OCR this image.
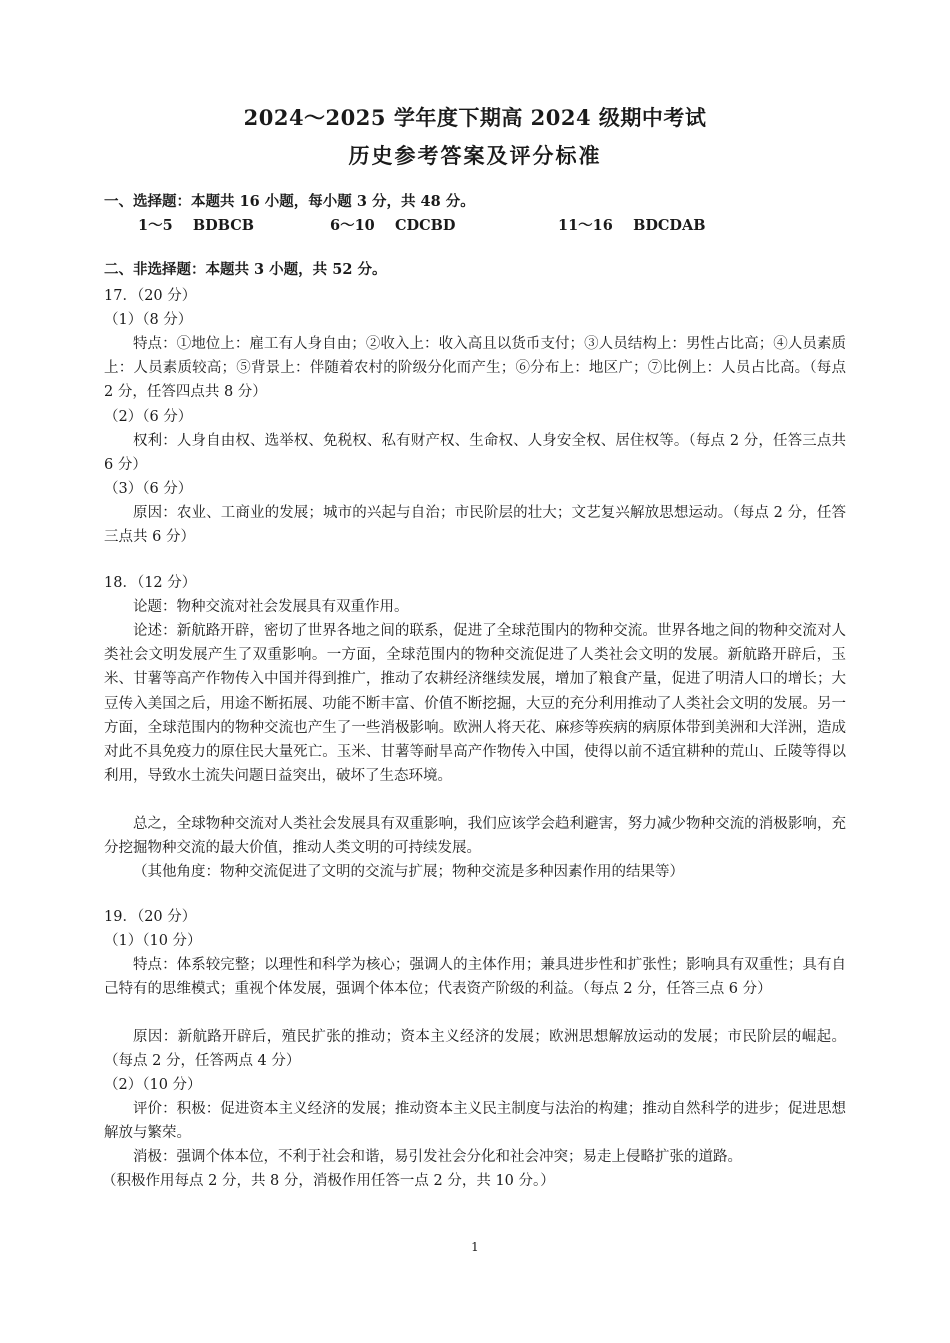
2024～2025 学年度下期高 2024 级期中考试
历史参考答案及评分标准
一、选择题：本题共 16 小题，每小题 3 分，共 48 分。
1～5 BDBCB	6～10 CDCBD	11～16 BDCDAB
二、非选择题：本题共 3 小题，共 52 分。
17．（20 分）
（1）（8 分）
特点：①地位上：雇工有人身自由；②收入上：收入高且以货币支付；③人员结构上：男性占比高；④人员素质上：人员素质较高；⑤背景上：伴随着农村的阶级分化而产生；⑥分布上：地区广；⑦比例上：人员占比高。（每点 2 分，任答四点共 8 分）
（2）（6 分）
权利：人身自由权、选举权、免税权、私有财产权、生命权、人身安全权、居住权等。（每点 2 分，任答三点共 6 分）
（3）（6 分）
原因：农业、工商业的发展；城市的兴起与自治；市民阶层的壮大；文艺复兴解放思想运动。（每点 2 分，任答三点共 6 分）
18．（12 分）
论题：物种交流对社会发展具有双重作用。
论述：新航路开辟，密切了世界各地之间的联系，促进了全球范围内的物种交流。世界各地之间的物种交流对人类社会文明发展产生了双重影响。一方面，全球范围内的物种交流促进了人类社会文明的发展。新航路开辟后，玉米、甘薯等高产作物传入中国并得到推广，推动了农耕经济继续发展，增加了粮食产量，促进了明清人口的增长；大豆传入美国之后，用途不断拓展、功能不断丰富、价值不断挖掘，大豆的充分利用推动了人类社会文明的发展。另一方面，全球范围内的物种交流也产生了一些消极影响。欧洲人将天花、麻疹等疾病的病原体带到美洲和大洋洲，造成对此不具免疫力的原住民大量死亡。玉米、甘薯等耐旱高产作物传入中国，使得以前不适宜耕种的荒山、丘陵等得以利用，导致水土流失问题日益突出，破坏了生态环境。
总之，全球物种交流对人类社会发展具有双重影响，我们应该学会趋利避害，努力减少物种交流的消极影响，充分挖掘物种交流的最大价值，推动人类文明的可持续发展。
（其他角度：物种交流促进了文明的交流与扩展；物种交流是多种因素作用的结果等）
19．（20 分）
（1）（10 分）
特点：体系较完整；以理性和科学为核心；强调人的主体作用；兼具进步性和扩张性；影响具有双重性；具有自己特有的思维模式；重视个体发展，强调个体本位；代表资产阶级的利益。（每点 2 分，任答三点 6 分）
原因：新航路开辟后，殖民扩张的推动；资本主义经济的发展；欧洲思想解放运动的发展；市民阶层的崛起。（每点 2 分，任答两点 4 分）
（2）（10 分）
评价：积极：促进资本主义经济的发展；推动资本主义民主制度与法治的构建；推动自然科学的进步；促进思想解放与繁荣。
消极：强调个体本位，不利于社会和谐，易引发社会分化和社会冲突；易走上侵略扩张的道路。
（积极作用每点 2 分，共 8 分，消极作用任答一点 2 分，共 10 分。）
1
